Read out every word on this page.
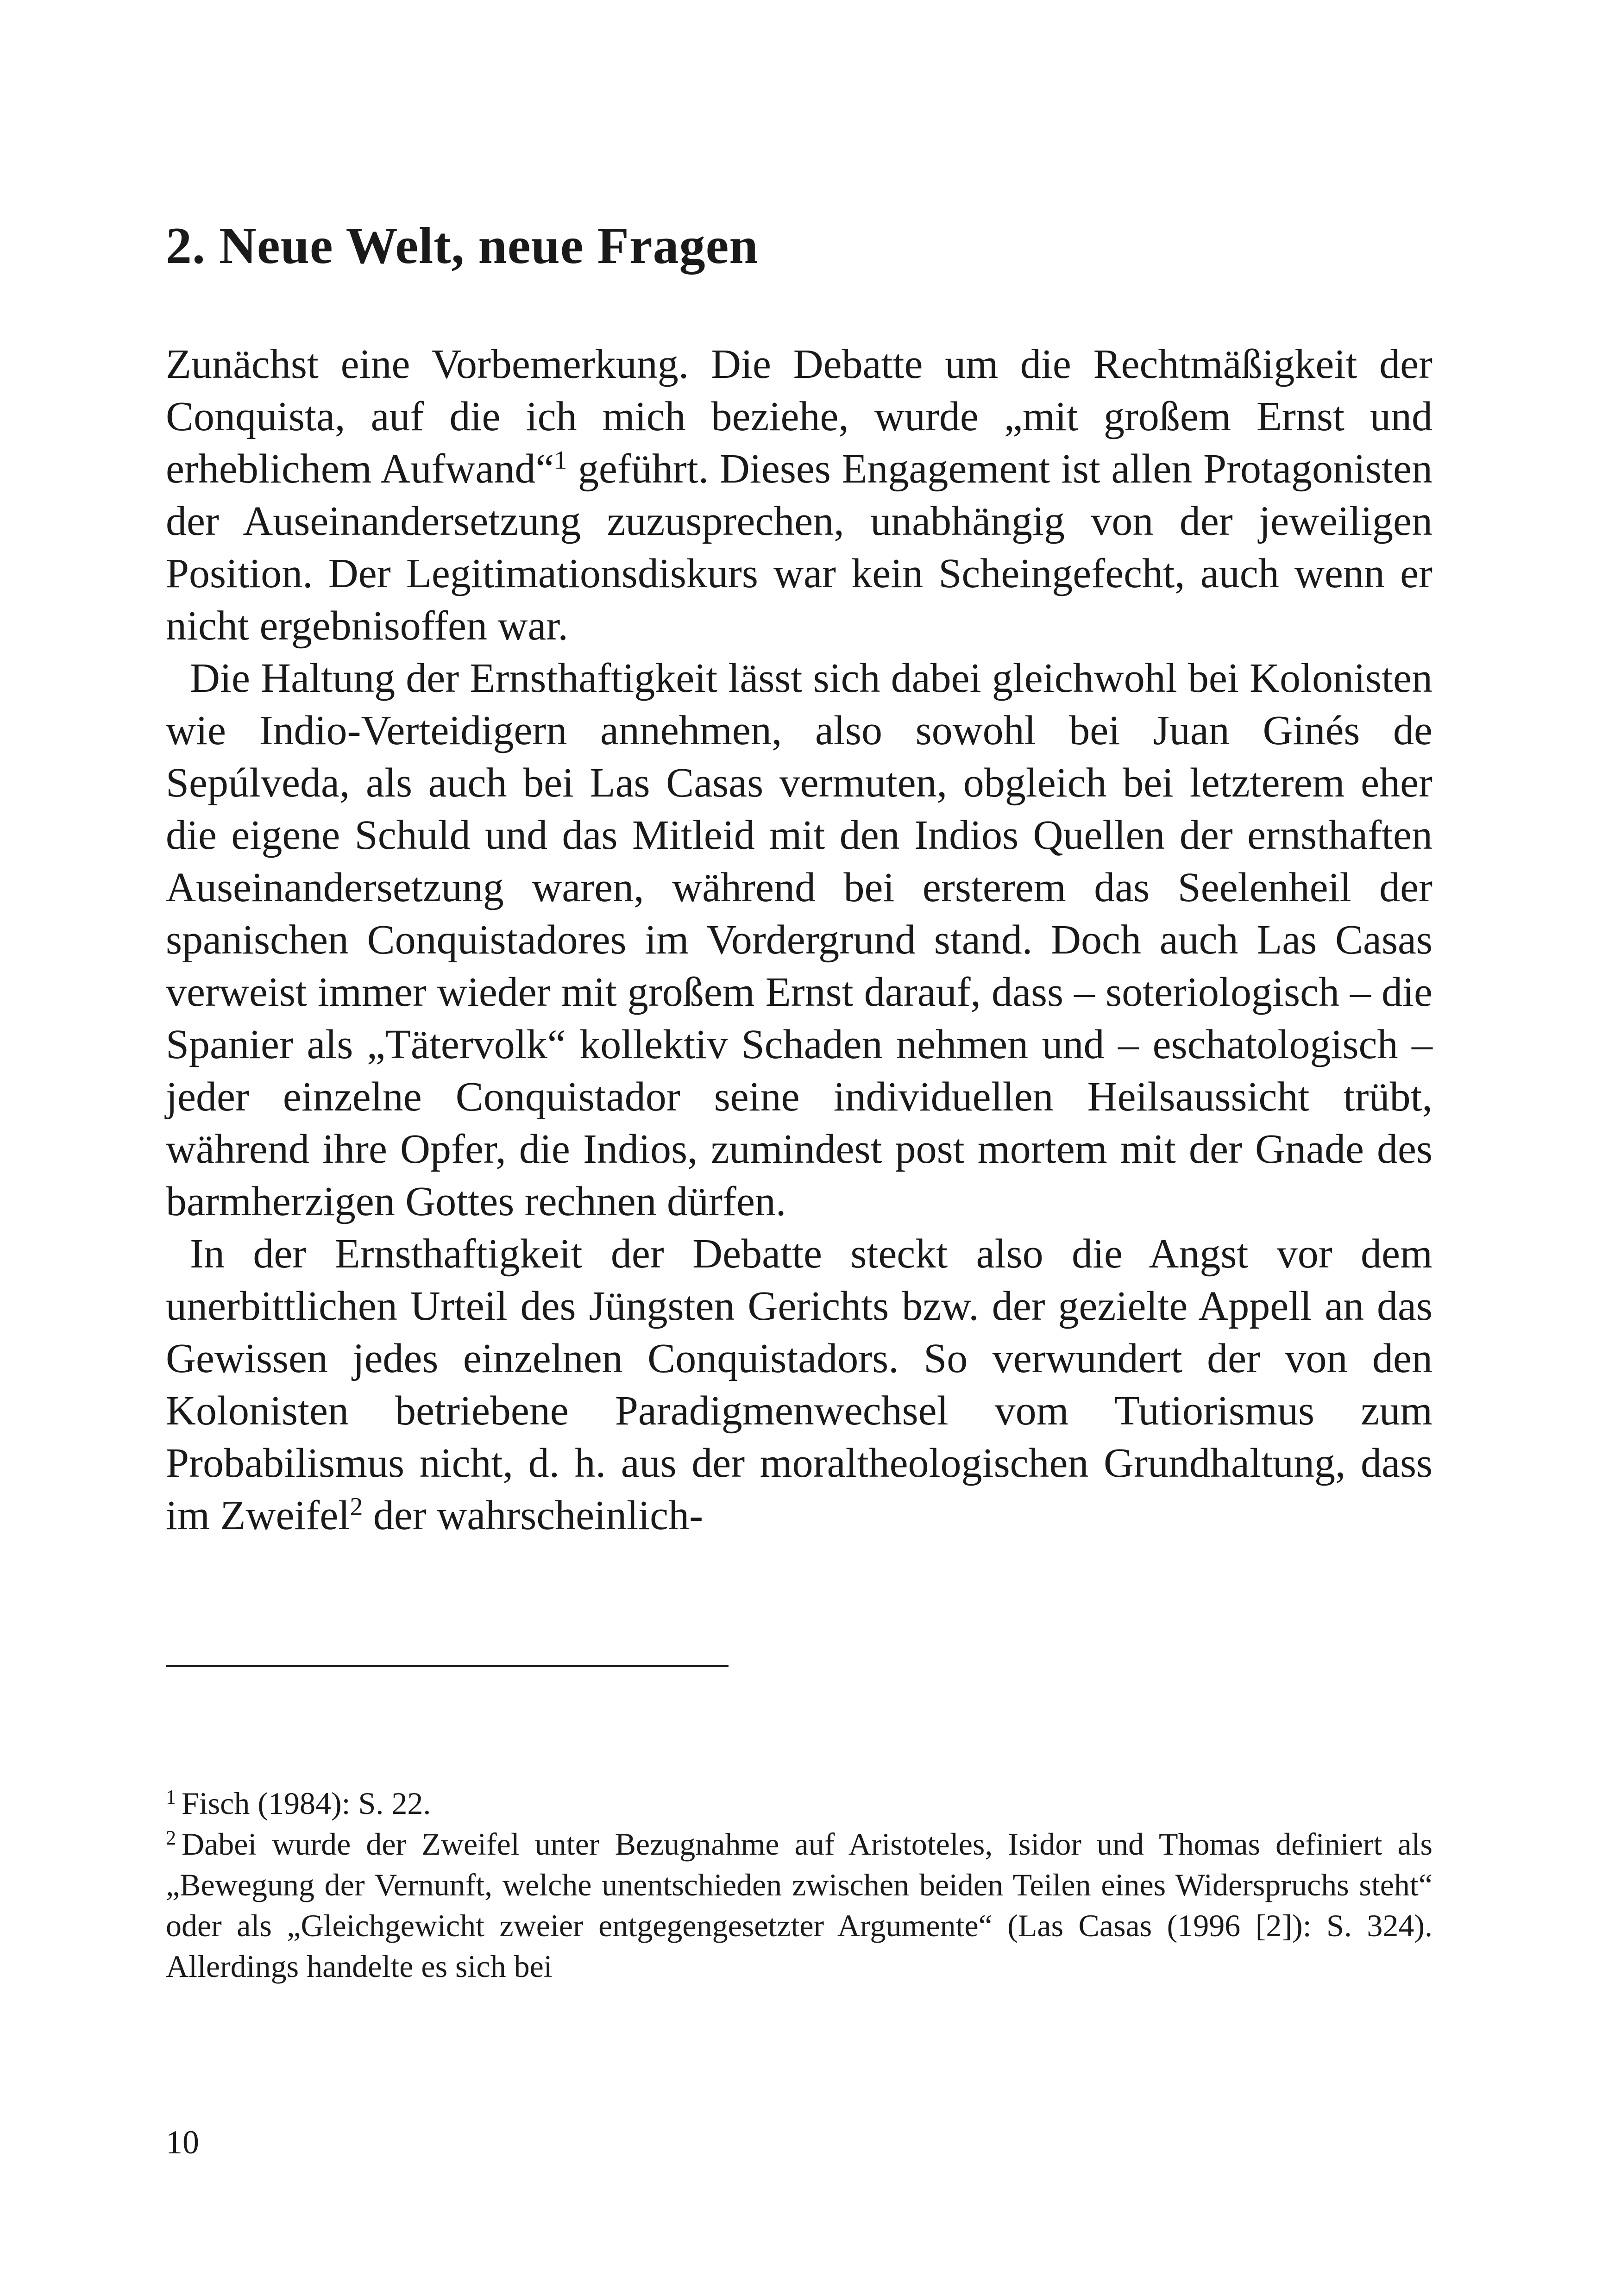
2. Neue Welt, neue Fragen

Zunächst eine Vorbemerkung. Die Debatte um die Rechtmäßigkeit der Conquista, auf die ich mich beziehe, wurde „mit großem Ernst und erheblichem Aufwand“$^1$ geführt. Dieses Engagement ist allen Protagonisten der Auseinandersetzung zuzusprechen, unabhängig von der jeweiligen Position. Der Legitimationsdiskurs war kein Scheingefecht, auch wenn er nicht ergebnisoffen war.

Die Haltung der Ernsthaftigkeit lässt sich dabei gleichwohl bei Kolonisten wie Indio-Verteidigern annehmen, also sowohl bei Juan Ginés de Sepúlveda, als auch bei Las Casas vermuten, obgleich bei letzterem eher die eigene Schuld und das Mitleid mit den Indios Quellen der ernsthaften Auseinandersetzung waren, während bei ersterem das Seelenheil der spanischen Conquistadores im Vordergrund stand. Doch auch Las Casas verweist immer wieder mit großem Ernst darauf, dass – soteriologisch – die Spanier als „Tätervolk“ kollektiv Schaden nehmen und – eschatologisch – jeder einzelne Conquistador seine individuellen Heilsaussicht trübt, während ihre Opfer, die Indios, zumindest post mortem mit der Gnade des barmherzigen Gottes rechnen dürfen.

In der Ernsthaftigkeit der Debatte steckt also die Angst vor dem unerbittlichen Urteil des Jüngsten Gerichts bzw. der gezielte Appell an das Gewissen jedes einzelnen Conquistadors. So verwundert der von den Kolonisten betriebene Paradigmenwechsel vom Tutiorismus zum Probabilismus nicht, d. h. aus der moraltheologischen Grundhaltung, dass im Zweifel$^2$ der wahrscheinlich-

$^1$ Fisch (1984): S. 22.

$^2$ Dabei wurde der Zweifel unter Bezugnahme auf Aristoteles, Isidor und Thomas definiert als „Bewegung der Vernunft, welche unentschieden zwischen beiden Teilen eines Widerspruchs steht“ oder als „Gleichgewicht zweier entgegengesetzter Argumente“ (Las Casas (1996 [2]): S. 324). Allerdings handelte es sich bei

10
